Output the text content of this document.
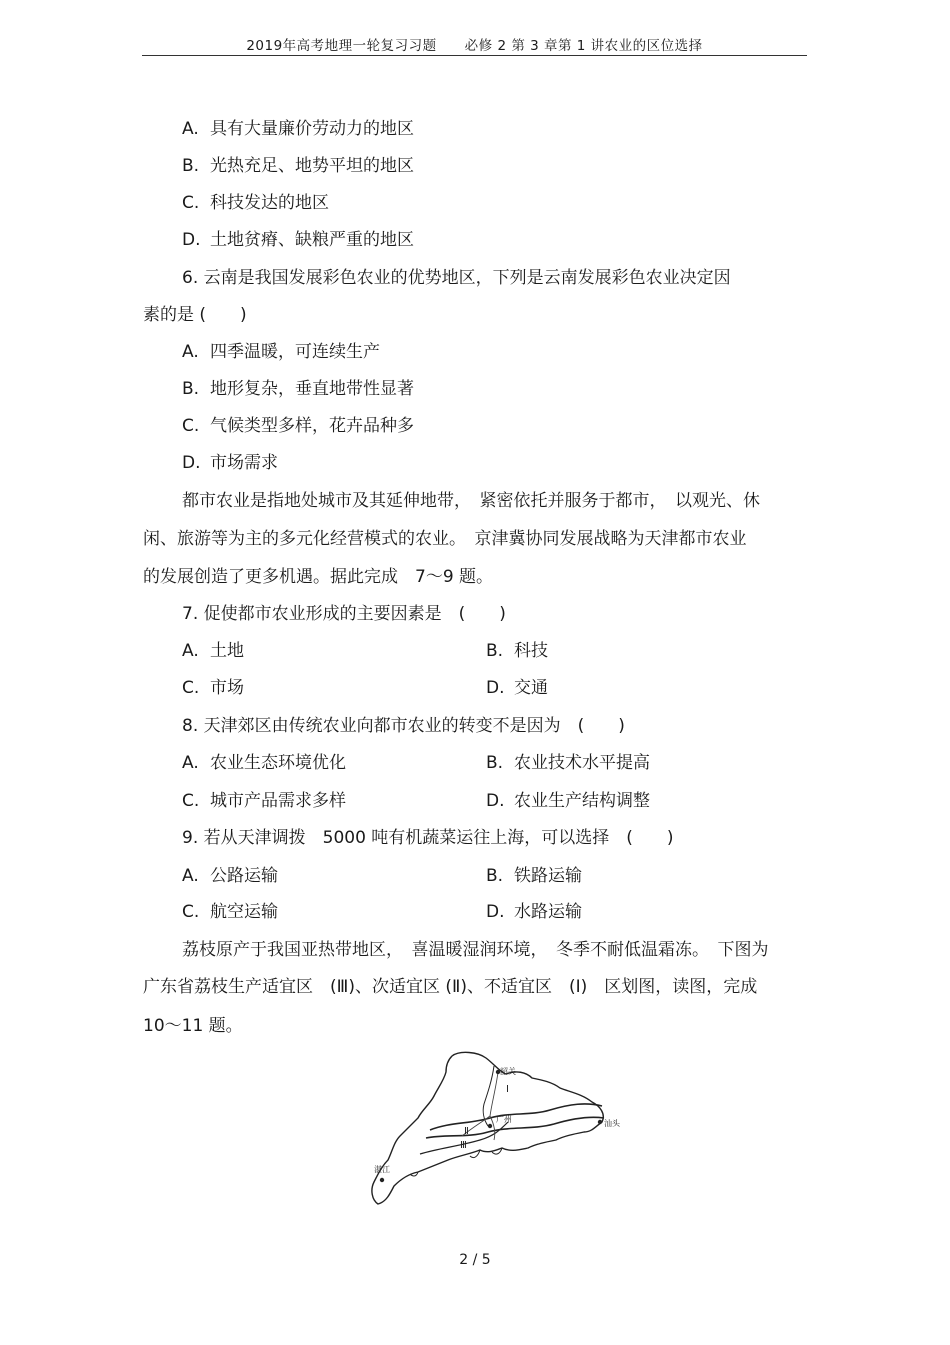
2019年高考地理一轮复习习题　　必修 2 第 3 章第 1 讲农业的区位选择
A. 具有大量廉价劳动力的地区
B. 光热充足、地势平坦的地区
C. 科技发达的地区
D. 土地贫瘠、缺粮严重的地区
6. 云南是我国发展彩色农业的优势地区，下列是云南发展彩色农业决定因
素的是 (　　)
A. 四季温暖，可连续生产
B. 地形复杂，垂直地带性显著
C. 气候类型多样，花卉品种多
D. 市场需求
都市农业是指地处城市及其延伸地带，　紧密依托并服务于都市，　以观光、休
闲、旅游等为主的多元化经营模式的农业。　京津冀协同发展战略为天津都市农业
的发展创造了更多机遇。据此完成　7～9 题。
7. 促使都市农业形成的主要因素是　(　　)
A. 土地	B. 科技
C. 市场	D. 交通
8. 天津郊区由传统农业向都市农业的转变不是因为　(　　)
A. 农业生态环境优化	B. 农业技术水平提高
C. 城市产品需求多样	D. 农业生产结构调整
9. 若从天津调拨　5000 吨有机蔬菜运往上海，可以选择　(　　)
A. 公路运输	B. 铁路运输
C. 航空运输	D. 水路运输
荔枝原产于我国亚热带地区，　喜温暖湿润环境，　冬季不耐低温霜冻。　下图为
广东省荔枝生产适宜区　(Ⅲ)、次适宜区 (Ⅱ)、不适宜区　(Ⅰ)　区划图，读图，完成
10～11 题。
韶关
广州	汕头
湛江
Ⅰ
Ⅱ
Ⅲ
2 / 5
